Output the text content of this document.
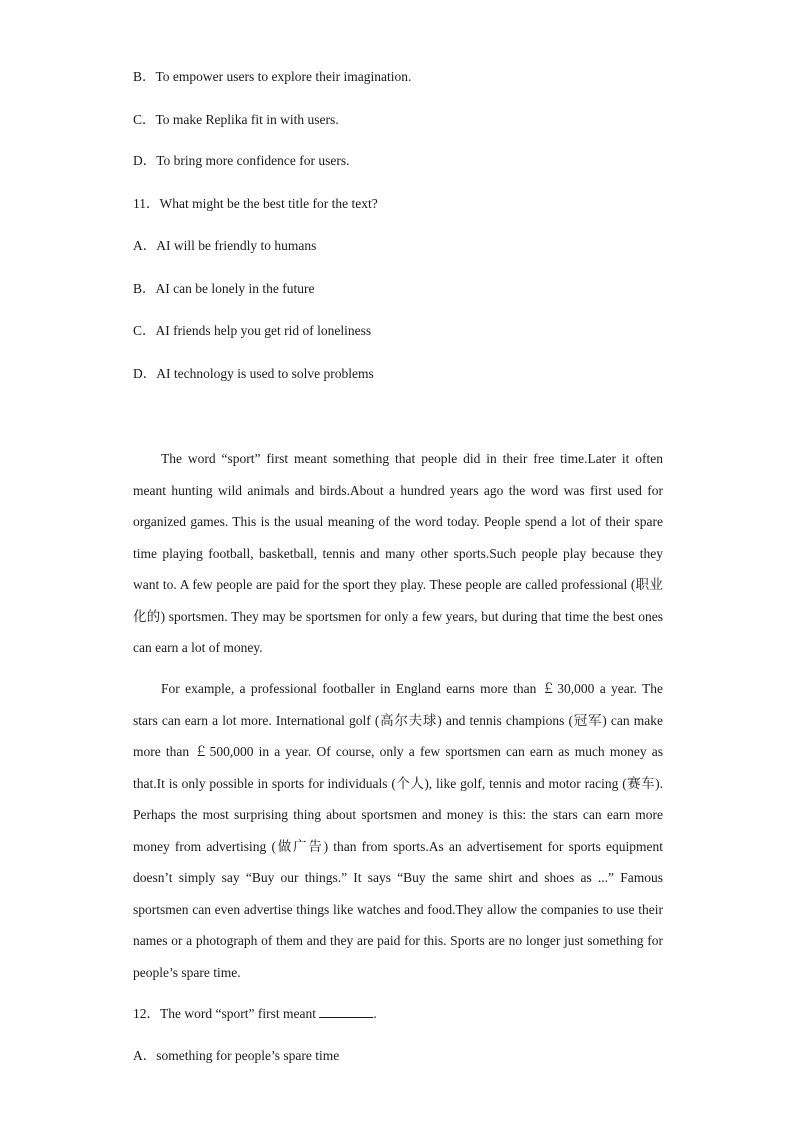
B．To empower users to explore their imagination.
C．To make Replika fit in with users.
D．To bring more confidence for users.
11．What might be the best title for the text?
A．AI will be friendly to humans
B．AI can be lonely in the future
C．AI friends help you get rid of loneliness
D．AI technology is used to solve problems

The word “sport” first meant something that people did in their free time.Later it often meant hunting wild animals and birds.About a hundred years ago the word was first used for organized games. This is the usual meaning of the word today. People spend a lot of their spare time playing football, basketball, tennis and many other sports.Such people play because they want to. A few people are paid for the sport they play. These people are called professional (职业化的) sportsmen. They may be sportsmen for only a few years, but during that time the best ones can earn a lot of money.

For example, a professional footballer in England earns more than ￡30,000 a year. The stars can earn a lot more. International golf (高尔夫球) and tennis champions (冠军) can make more than ￡500,000 in a year. Of course, only a few sportsmen can earn as much money as that.It is only possible in sports for individuals (个人), like golf, tennis and motor racing (赛车). Perhaps the most surprising thing about sportsmen and money is this: the stars can earn more money from advertising (做广告) than from sports.As an advertisement for sports equipment doesn’t simply say “Buy our things.” It says “Buy the same shirt and shoes as ...” Famous sportsmen can even advertise things like watches and food.They allow the companies to use their names or a photograph of them and they are paid for this. Sports are no longer just something for people’s spare time.

12．The word “sport” first meant	.
A．something for people’s spare time
